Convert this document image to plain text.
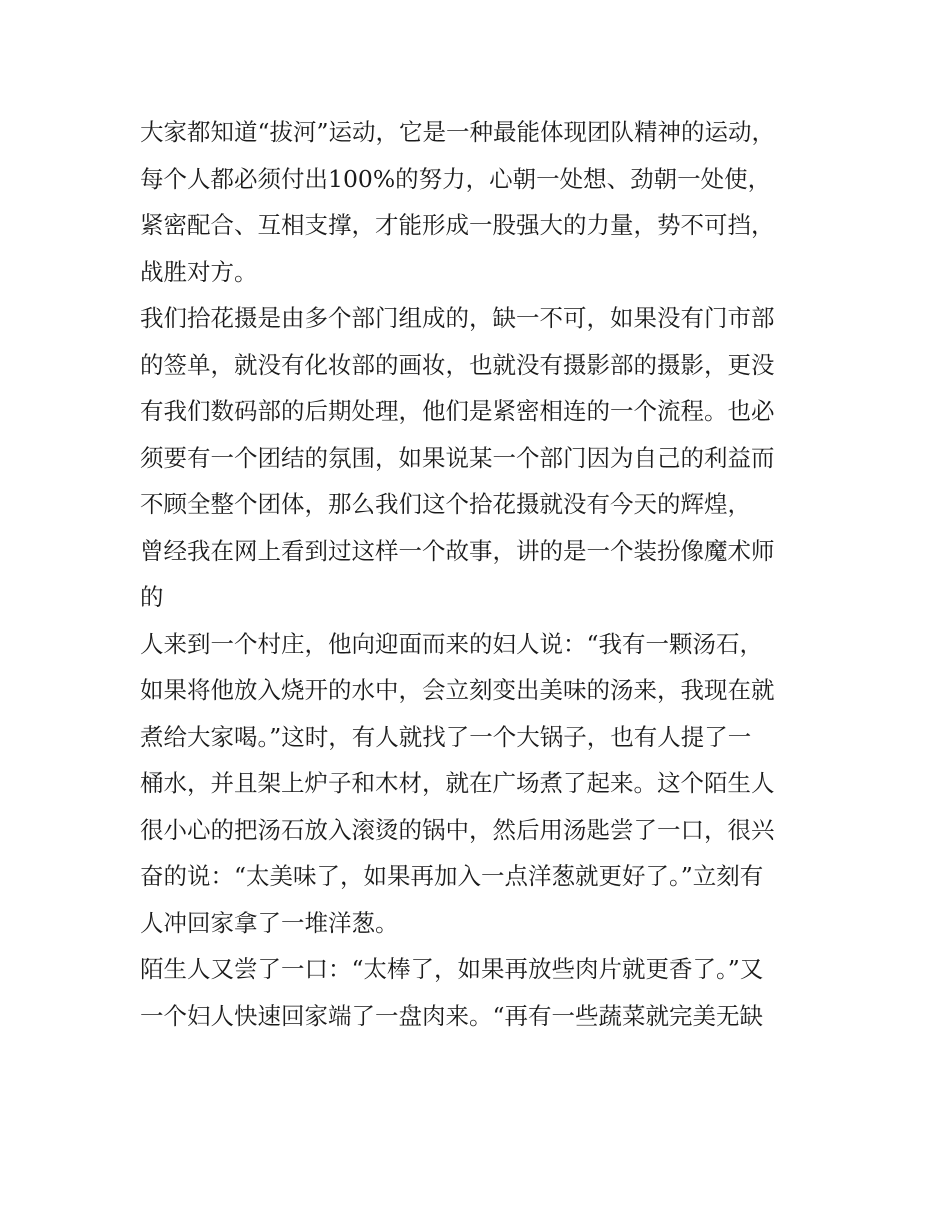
大家都知道“拔河”运动，它是一种最能体现团队精神的运动，
每个人都必须付出100%的努力，心朝一处想、劲朝一处使，
紧密配合、互相支撑，才能形成一股强大的力量，势不可挡，
战胜对方。
我们拾花摄是由多个部门组成的，缺一不可，如果没有门市部
的签单，就没有化妆部的画妆，也就没有摄影部的摄影，更没
有我们数码部的后期处理，他们是紧密相连的一个流程。也必
须要有一个团结的氛围，如果说某一个部门因为自己的利益而
不顾全整个团体，那么我们这个拾花摄就没有今天的辉煌，
曾经我在网上看到过这样一个故事，讲的是一个装扮像魔术师
的
人来到一个村庄，他向迎面而来的妇人说：“我有一颗汤石，
如果将他放入烧开的水中，会立刻变出美味的汤来，我现在就
煮给大家喝。”这时，有人就找了一个大锅子，也有人提了一
桶水，并且架上炉子和木材，就在广场煮了起来。这个陌生人
很小心的把汤石放入滚烫的锅中，然后用汤匙尝了一口，很兴
奋的说：“太美味了，如果再加入一点洋葱就更好了。”立刻有
人冲回家拿了一堆洋葱。
陌生人又尝了一口：“太棒了，如果再放些肉片就更香了。”又
一个妇人快速回家端了一盘肉来。“再有一些蔬菜就完美无缺
